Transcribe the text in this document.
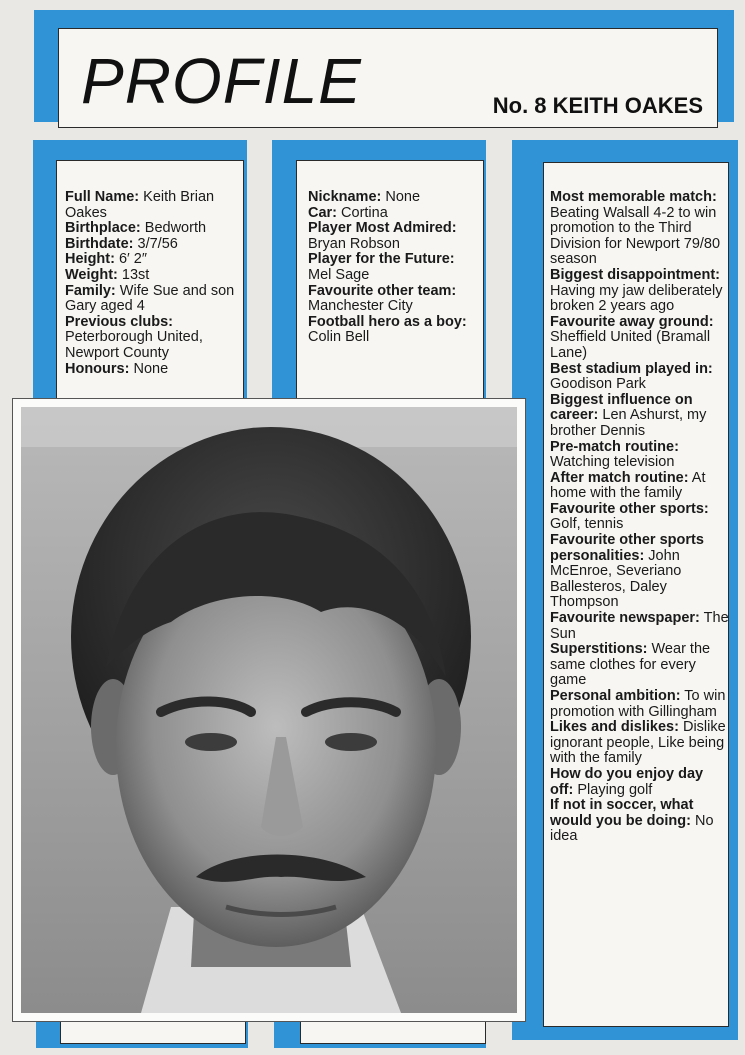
PROFILE	No. 8 KEITH OAKES

Full Name: Keith Brian Oakes

Birthplace: Bedworth

Birthdate: 3/7/56

Height: 6′ 2″

Weight: 13st

Family: Wife Sue and son Gary aged 4

Previous clubs: Peterborough United, Newport County

Honours: None

Nickname: None

Car: Cortina

Player Most Admired: Bryan Robson

Player for the Future: Mel Sage

Favourite other team: Manchester City

Football hero as a boy: Colin Bell

Most memorable match: Beating Walsall 4-2 to win promotion to the Third Division for Newport 79/80 season

Biggest disappointment: Having my jaw deliberately broken 2 years ago

Favourite away ground: Sheffield United (Bramall Lane)

Best stadium played in: Goodison Park

Biggest influence on career: Len Ashurst, my brother Dennis

Pre-match routine: Watching television

After match routine: At home with the family

Favourite other sports: Golf, tennis

Favourite other sports personalities: John McEnroe, Severiano Ballesteros, Daley Thompson

Favourite newspaper: The Sun

Superstitions: Wear the same clothes for every game

Personal ambition: To win promotion with Gillingham

Likes and dislikes: Dislike ignorant people, Like being with the family

How do you enjoy day off: Playing golf

If not in soccer, what would you be doing: No idea
